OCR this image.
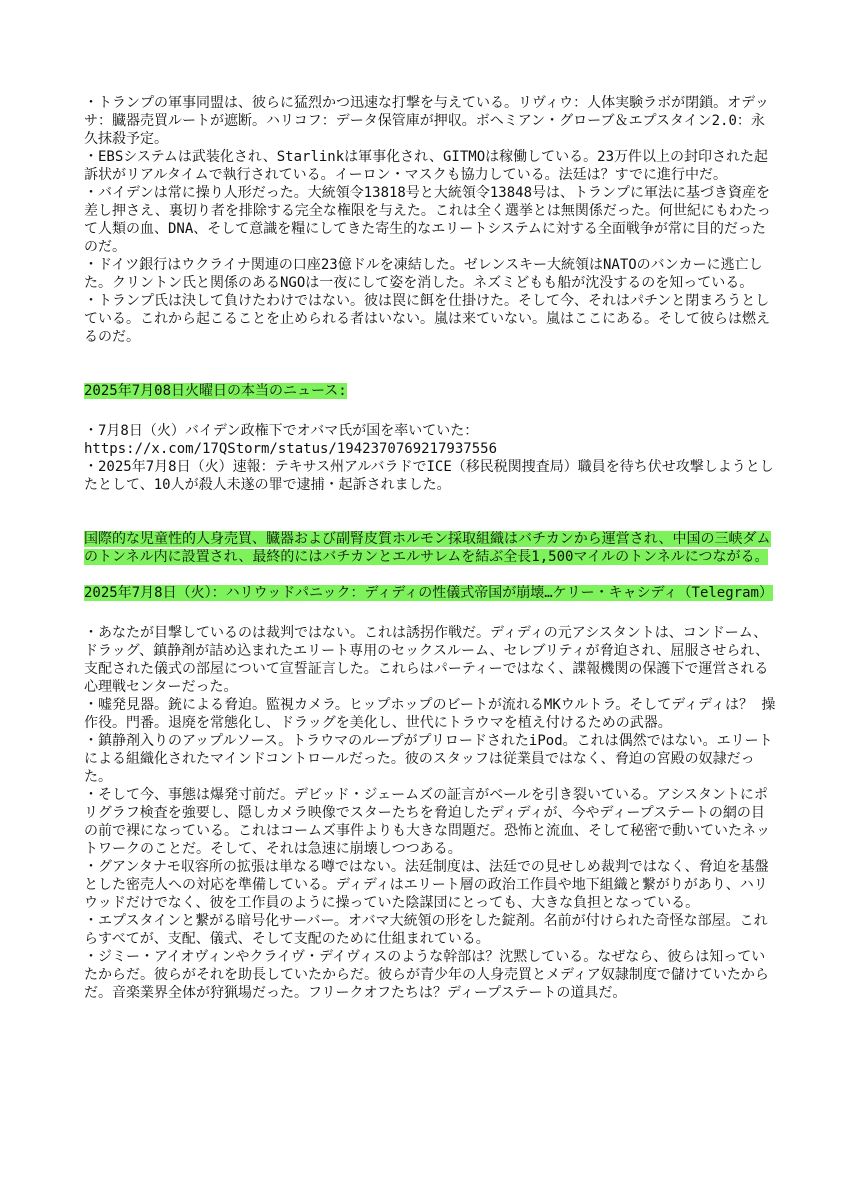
・トランプの軍事同盟は、彼らに猛烈かつ迅速な打撃を与えている。リヴィウ：人体実験ラボが閉鎖。オデッサ：臓器売買ルートが遮断。ハリコフ：データ保管庫が押収。ボヘミアン・グローブ＆エプスタイン2.0：永久抹殺予定。

・EBSシステムは武装化され、Starlinkは軍事化され、GITMOは稼働している。23万件以上の封印された起訴状がリアルタイムで執行されている。イーロン・マスクも協力している。法廷は？すでに進行中だ。

・バイデンは常に操り人形だった。大統領令13818号と大統領令13848号は、トランプに軍法に基づき資産を差し押さえ、裏切り者を排除する完全な権限を与えた。これは全く選挙とは無関係だった。何世紀にもわたって人類の血、DNA、そして意識を糧にしてきた寄生的なエリートシステムに対する全面戦争が常に目的だったのだ。

・ドイツ銀行はウクライナ関連の口座23億ドルを凍結した。ゼレンスキー大統領はNATOのバンカーに逃亡した。クリントン氏と関係のあるNGOは一夜にして姿を消した。ネズミどもも船が沈没するのを知っている。

・トランプ氏は決して負けたわけではない。彼は罠に餌を仕掛けた。そして今、それはパチンと閉まろうとしている。これから起こることを止められる者はいない。嵐は来ていない。嵐はここにある。そして彼らは燃えるのだ。

2025年7月08日火曜日の本当のニュース:

・7月8日（火）バイデン政権下でオバマ氏が国を率いていた：

https://x.com/17QStorm/status/1942370769217937556

・2025年7月8日（火）速報：テキサス州アルバラドでICE（移民税関捜査局）職員を待ち伏せ攻撃しようとしたとして、10人が殺人未遂の罪で逮捕・起訴されました。

国際的な児童性的人身売買、臓器および副腎皮質ホルモン採取組織はバチカンから運営され、中国の三峡ダムのトンネル内に設置され、最終的にはバチカンとエルサレムを結ぶ全長1,500マイルのトンネルにつながる。

2025年7月8日（火）：ハリウッドパニック：ディディの性儀式帝国が崩壊…ケリー・キャシディ（Telegram）

・あなたが目撃しているのは裁判ではない。これは誘拐作戦だ。ディディの元アシスタントは、コンドーム、ドラッグ、鎮静剤が詰め込まれたエリート専用のセックスルーム、セレブリティが脅迫され、屈服させられ、支配された儀式の部屋について宣誓証言した。これらはパーティーではなく、諜報機関の保護下で運営される心理戦センターだった。

・嘘発見器。銃による脅迫。監視カメラ。ヒップホップのビートが流れるMKウルトラ。そしてディディは？ 操作役。門番。退廃を常態化し、ドラッグを美化し、世代にトラウマを植え付けるための武器。

・鎮静剤入りのアップルソース。トラウマのループがプリロードされたiPod。これは偶然ではない。エリートによる組織化されたマインドコントロールだった。彼のスタッフは従業員ではなく、脅迫の宮殿の奴隷だった。

・そして今、事態は爆発寸前だ。デビッド・ジェームズの証言がベールを引き裂いている。アシスタントにポリグラフ検査を強要し、隠しカメラ映像でスターたちを脅迫したディディが、今やディープステートの網の目の前で裸になっている。これはコームズ事件よりも大きな問題だ。恐怖と流血、そして秘密で動いていたネットワークのことだ。そして、それは急速に崩壊しつつある。

・グアンタナモ収容所の拡張は単なる噂ではない。法廷制度は、法廷での見せしめ裁判ではなく、脅迫を基盤とした密売人への対応を準備している。ディディはエリート層の政治工作員や地下組織と繋がりがあり、ハリウッドだけでなく、彼を工作員のように操っていた陰謀団にとっても、大きな負担となっている。

・エプスタインと繋がる暗号化サーバー。オバマ大統領の形をした錠剤。名前が付けられた奇怪な部屋。これらすべてが、支配、儀式、そして支配のために仕組まれている。

・ジミー・アイオヴィンやクライヴ・デイヴィスのような幹部は？沈黙している。なぜなら、彼らは知っていたからだ。彼らがそれを助長していたからだ。彼らが青少年の人身売買とメディア奴隷制度で儲けていたからだ。音楽業界全体が狩猟場だった。フリークオフたちは？ディープステートの道具だ。
